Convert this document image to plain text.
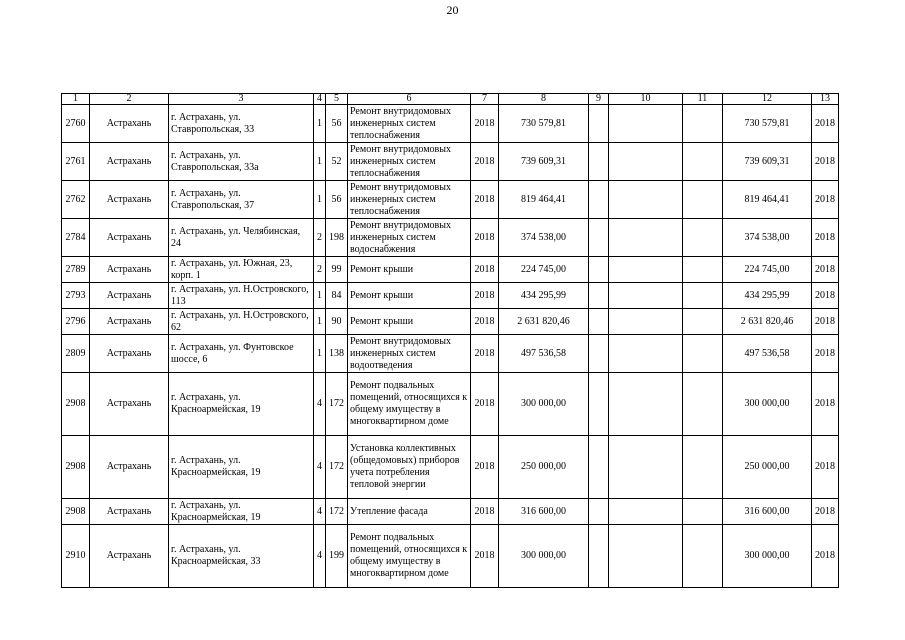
20
1	2	3	4	5	6	7	8	9	10	11	12	13
2760	Астрахань	г. Астрахань, ул. Ставропольская, 33	1	56	Ремонт внутридомовых инженерных систем теплоснабжения	2018	730 579,81				730 579,81	2018
2761	Астрахань	г. Астрахань, ул. Ставропольская, 33а	1	52	Ремонт внутридомовых инженерных систем теплоснабжения	2018	739 609,31				739 609,31	2018
2762	Астрахань	г. Астрахань, ул. Ставропольская, 37	1	56	Ремонт внутридомовых инженерных систем теплоснабжения	2018	819 464,41				819 464,41	2018
2784	Астрахань	г. Астрахань, ул. Челябинская, 24	2	198	Ремонт внутридомовых инженерных систем водоснабжения	2018	374 538,00				374 538,00	2018
2789	Астрахань	г. Астрахань, ул. Южная, 23, корп. 1	2	99	Ремонт крыши	2018	224 745,00				224 745,00	2018
2793	Астрахань	г. Астрахань, ул. Н.Островского, 113	1	84	Ремонт крыши	2018	434 295,99				434 295,99	2018
2796	Астрахань	г. Астрахань, ул. Н.Островского, 62	1	90	Ремонт крыши	2018	2 631 820,46				2 631 820,46	2018
2809	Астрахань	г. Астрахань, ул. Фунтовское шоссе, 6	1	138	Ремонт внутридомовых инженерных систем водоотведения	2018	497 536,58				497 536,58	2018
2908	Астрахань	г. Астрахань, ул. Красноармейская, 19	4	172	Ремонт подвальных помещений, относящихся к общему имуществу в многоквартирном доме	2018	300 000,00				300 000,00	2018
2908	Астрахань	г. Астрахань, ул. Красноармейская, 19	4	172	Установка коллективных (общедомовых) приборов учета потребления тепловой энергии	2018	250 000,00				250 000,00	2018
2908	Астрахань	г. Астрахань, ул. Красноармейская, 19	4	172	Утепление фасада	2018	316 600,00				316 600,00	2018
2910	Астрахань	г. Астрахань, ул. Красноармейская, 33	4	199	Ремонт подвальных помещений, относящихся к общему имуществу в многоквартирном доме	2018	300 000,00				300 000,00	2018
